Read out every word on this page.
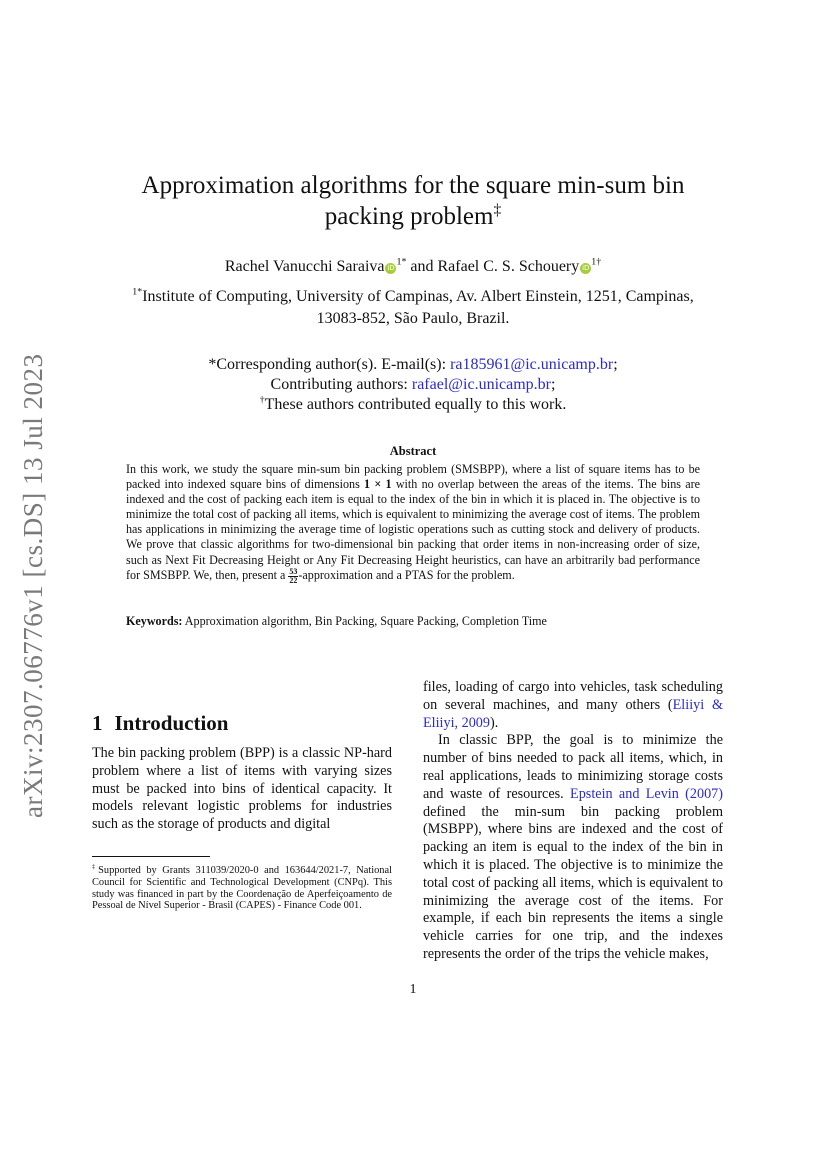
arXiv:2307.06776v1 [cs.DS] 13 Jul 2023
Approximation algorithms for the square min-sum bin
packing problem‡
Rachel Vanucchi Saraiva $iD^{1*}$ and Rafael C. S. Schouery $iD^{1\dagger}$
$^{1*}$Institute of Computing, University of Campinas, Av. Albert Einstein, 1251, Campinas,
13083-852, São Paulo, Brazil.
*Corresponding author(s). E-mail(s): ra185961@ic.unicamp.br;
Contributing authors: rafael@ic.unicamp.br;
†These authors contributed equally to this work.
Abstract
In this work, we study the square min-sum bin packing problem (SMSBPP), where a list of square items has to be packed into indexed square bins of dimensions 1 × 1 with no overlap between the areas of the items. The bins are indexed and the cost of packing each item is equal to the index of the bin in which it is placed in. The objective is to minimize the total cost of packing all items, which is equivalent to minimizing the average cost of items. The problem has applications in minimizing the average time of logistic operations such as cutting stock and delivery of products. We prove that classic algorithms for two-dimensional bin packing that order items in non-increasing order of size, such as Next Fit Decreasing Height or Any Fit Decreasing Height heuristics, can have an arbitrarily bad performance for SMSBPP. We, then, present a $\frac{53}{22}$ -approximation and a PTAS for the problem.
Keywords: Approximation algorithm, Bin Packing, Square Packing, Completion Time
1 Introduction
The bin packing problem (BPP) is a classic NP-hard problem where a list of items with varying sizes must be packed into bins of identical capacity. It models relevant logistic problems for industries such as the storage of products and digital

files, loading of cargo into vehicles, task scheduling on several machines, and many others (Eliiyi & Eliiyi, 2009).

In classic BPP, the goal is to minimize the number of bins needed to pack all items, which, in real applications, leads to minimizing storage costs and waste of resources. Epstein and Levin (2007) defined the min-sum bin packing problem (MSBPP), where bins are indexed and the cost of packing an item is equal to the index of the bin in which it is placed. The objective is to minimize the total cost of packing all items, which is equivalent to minimizing the average cost of the items. For example, if each bin represents the items a single vehicle carries for one trip, and the indexes represents the order of the trips the vehicle makes,

‡Supported by Grants 311039/2020-0 and 163644/2021-7, National Council for Scientific and Technological Development (CNPq). This study was financed in part by the Coordenação de Aperfeiçoamento de Pessoal de Nível Superior - Brasil (CAPES) - Finance Code 001.
1
